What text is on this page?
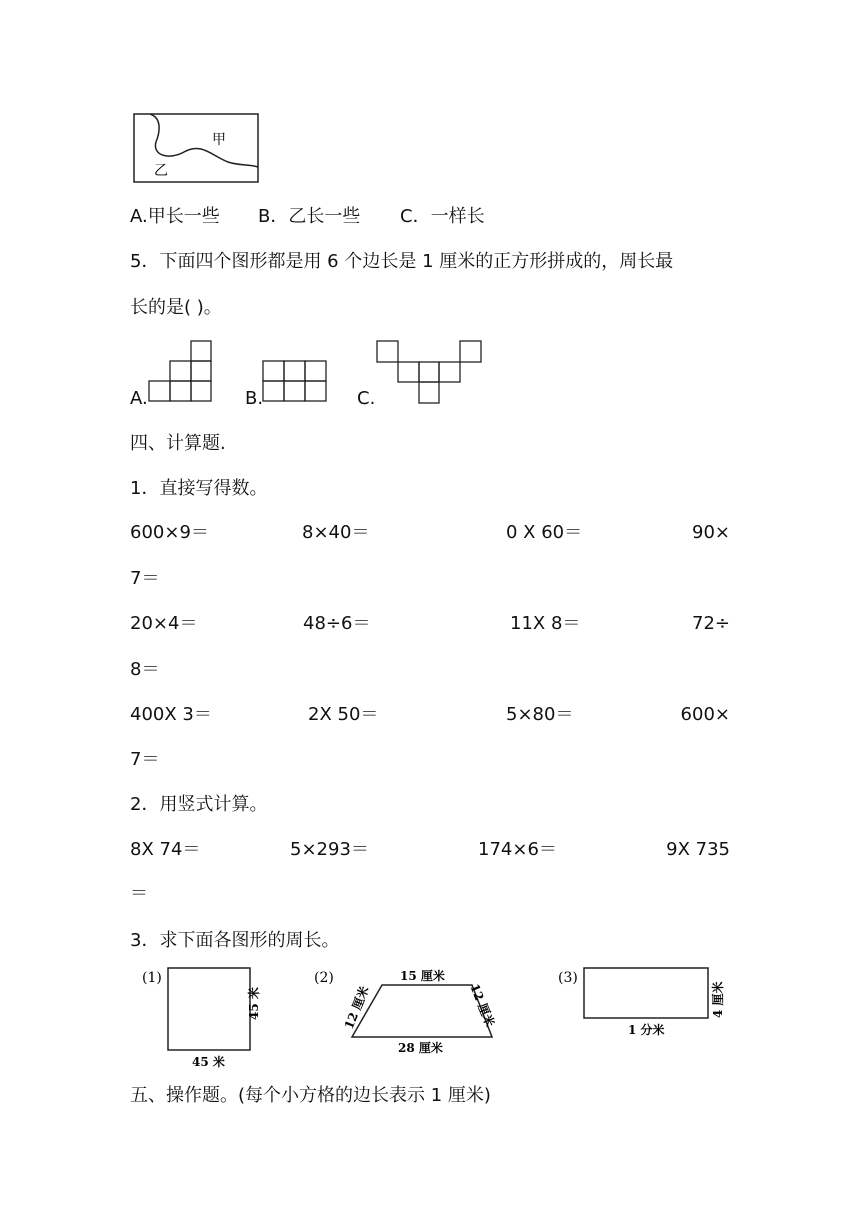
甲
乙
A.甲长一些 B．乙长一些 C．一样长
5．下面四个图形都是用 6 个边长是 1 厘米的正方形拼成的，周长最
长的是( )。
A.	B.	C.
四、计算题.
1．直接写得数。
600×9＝	8×40＝	0 X 60＝	90×
7＝
20×4＝	48÷6＝	11X 8＝	72÷
8＝
400X 3＝	2X 50＝	5×80＝	600×
7＝
2．用竖式计算。
8X 74＝	5×293＝	174×6＝	9X 735
＝
3．求下面各图形的周长。
(1)
45 米
45 米
(2)	15 厘米
12 厘米	12 厘米
28 厘米
(3)
4 厘米
1 分米
五、操作题。(每个小方格的边长表示 1 厘米)
